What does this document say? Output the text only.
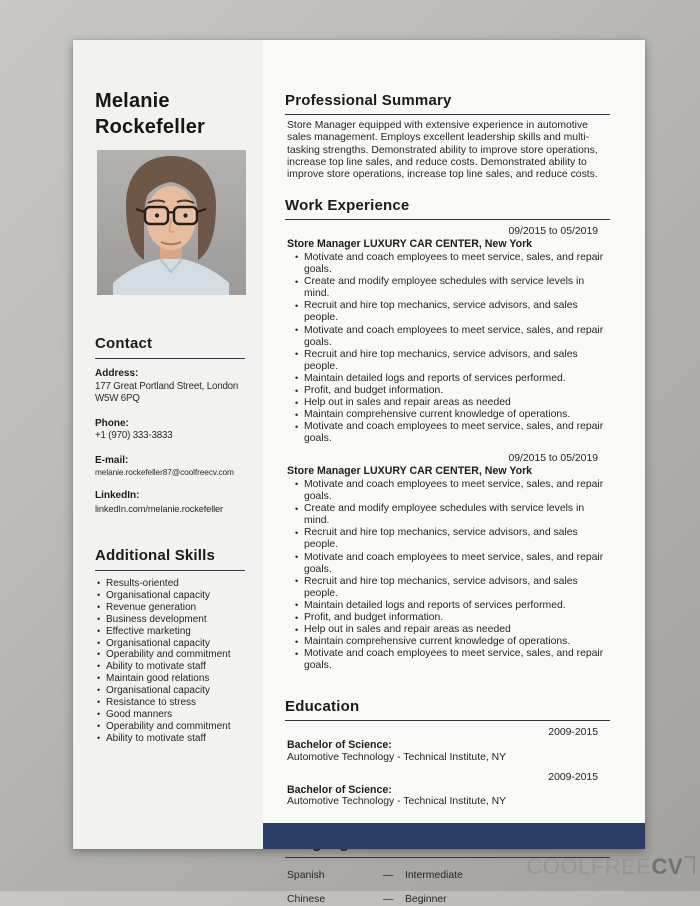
Melanie Rockefeller
Contact
Address:
177 Great Portland Street, London
W5W 6PQ
Phone:
+1 (970) 333-3833
E-mail:
melanie.rockefeller87@coolfreecv.com
LinkedIn:
linkedIn.com/melanie.rockefeller
Additional Skills
• Results-oriented
• Organisational capacity
• Revenue generation
• Business development
• Effective marketing
• Organisational capacity
• Operability and commitment
• Ability to motivate staff
• Maintain good relations
• Organisational capacity
• Resistance to stress
• Good manners
• Operability and commitment
• Ability to motivate staff
Professional Summary

Store Manager equipped with extensive experience in automotive sales management. Employs excellent leadership skills and multi-tasking strengths. Demonstrated ability to improve store operations, increase top line sales, and reduce costs. Demonstrated ability to improve store operations, increase top line sales, and reduce costs.

Work Experience
09/2015 to 05/2019
Store Manager LUXURY CAR CENTER, New York
• Motivate and coach employees to meet service, sales, and repair goals.
• Create and modify employee schedules with service levels in mind.
• Recruit and hire top mechanics, service advisors, and sales people.
• Motivate and coach employees to meet service, sales, and repair goals.
• Recruit and hire top mechanics, service advisors, and sales people.
• Maintain detailed logs and reports of services performed.
• Profit, and budget information.
• Help out in sales and repair areas as needed
• Maintain comprehensive current knowledge of operations.
• Motivate and coach employees to meet service, sales, and repair goals.
09/2015 to 05/2019
Store Manager LUXURY CAR CENTER, New York
• Motivate and coach employees to meet service, sales, and repair goals.
• Create and modify employee schedules with service levels in mind.
• Recruit and hire top mechanics, service advisors, and sales people.
• Motivate and coach employees to meet service, sales, and repair goals.
• Recruit and hire top mechanics, service advisors, and sales people.
• Maintain detailed logs and reports of services performed.
• Profit, and budget information.
• Help out in sales and repair areas as needed
• Maintain comprehensive current knowledge of operations.
• Motivate and coach employees to meet service, sales, and repair goals.
Education
2009-2015
Bachelor of Science:
Automotive Technology - Technical Institute, NY
2009-2015
Bachelor of Science:
Automotive Technology - Technical Institute, NY
Spanish	—	Intermediate
Chinese	—	Beginner
COOLFREE CV
